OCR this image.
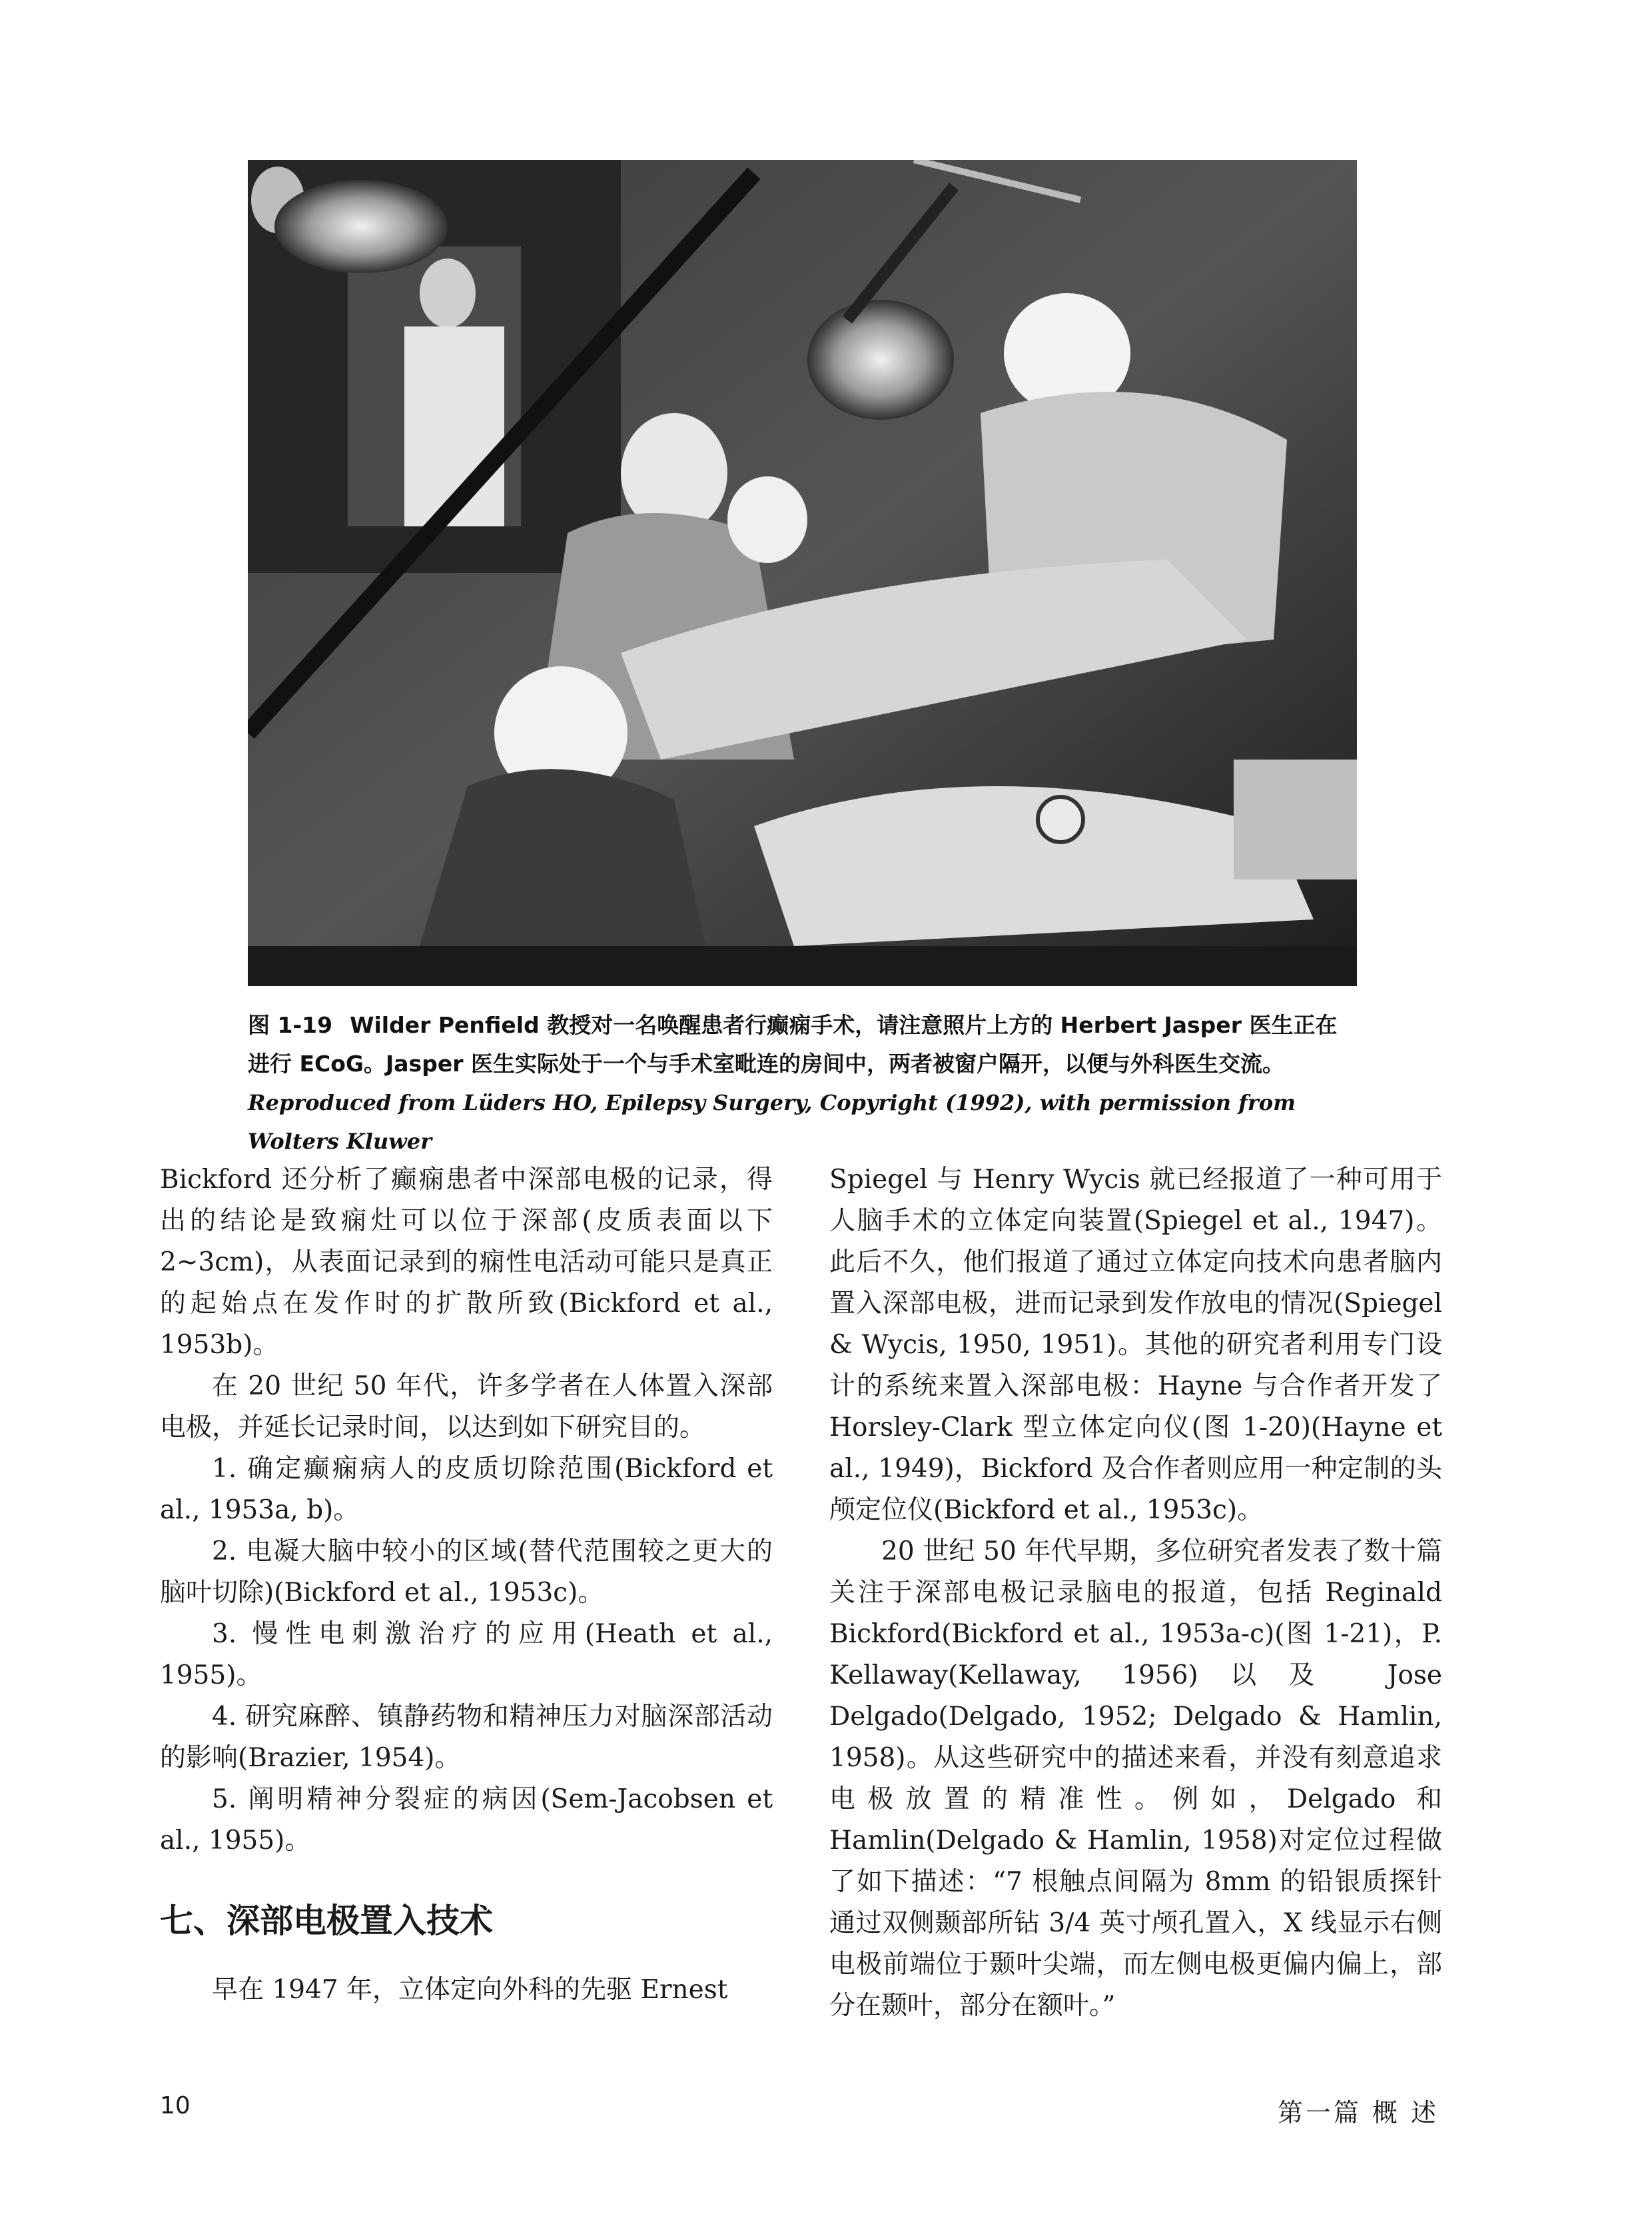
图 1-19 Wilder Penfield 教授对一名唤醒患者行癫痫手术，请注意照片上方的 Herbert Jasper 医生正在
进行 ECoG。Jasper 医生实际处于一个与手术室毗连的房间中，两者被窗户隔开，以便与外科医生交流。
Reproduced from Lüders HO, Epilepsy Surgery, Copyright (1992), with permission from Wolters Kluwer

Bickford 还分析了癫痫患者中深部电极的记录，得出的结论是致痫灶可以位于深部(皮质表面以下 2~3cm)，从表面记录到的痫性电活动可能只是真正的起始点在发作时的扩散所致(Bickford et al., 1953b)。

在 20 世纪 50 年代，许多学者在人体置入深部电极，并延长记录时间，以达到如下研究目的。

1. 确定癫痫病人的皮质切除范围(Bickford et al., 1953a, b)。

2. 电凝大脑中较小的区域(替代范围较之更大的脑叶切除)(Bickford et al., 1953c)。

3. 慢性电刺激治疗的应用(Heath et al., 1955)。

4. 研究麻醉、镇静药物和精神压力对脑深部活动的影响(Brazier, 1954)。

5. 阐明精神分裂症的病因(Sem-Jacobsen et al., 1955)。

七、深部电极置入技术

早在 1947 年，立体定向外科的先驱 Ernest

Spiegel 与 Henry Wycis 就已经报道了一种可用于人脑手术的立体定向装置(Spiegel et al., 1947)。此后不久，他们报道了通过立体定向技术向患者脑内置入深部电极，进而记录到发作放电的情况(Spiegel & Wycis, 1950, 1951)。其他的研究者利用专门设计的系统来置入深部电极：Hayne 与合作者开发了 Horsley-Clark 型立体定向仪(图 1-20)(Hayne et al., 1949)，Bickford 及合作者则应用一种定制的头颅定位仪(Bickford et al., 1953c)。

20 世纪 50 年代早期，多位研究者发表了数十篇关注于深部电极记录脑电的报道，包括 Reginald Bickford(Bickford et al., 1953a-c)(图 1-21)，P. Kellaway(Kellaway, 1956)以及 Jose Delgado(Delgado, 1952; Delgado & Hamlin, 1958)。从这些研究中的描述来看，并没有刻意追求电极放置的精准性。例如，Delgado 和 Hamlin(Delgado & Hamlin, 1958)对定位过程做了如下描述：“7 根触点间隔为 8mm 的铅银质探针通过双侧颞部所钻 3/4 英寸颅孔置入，X 线显示右侧电极前端位于颞叶尖端，而左侧电极更偏内偏上，部分在颞叶，部分在额叶。”

10	第一篇 概 述
